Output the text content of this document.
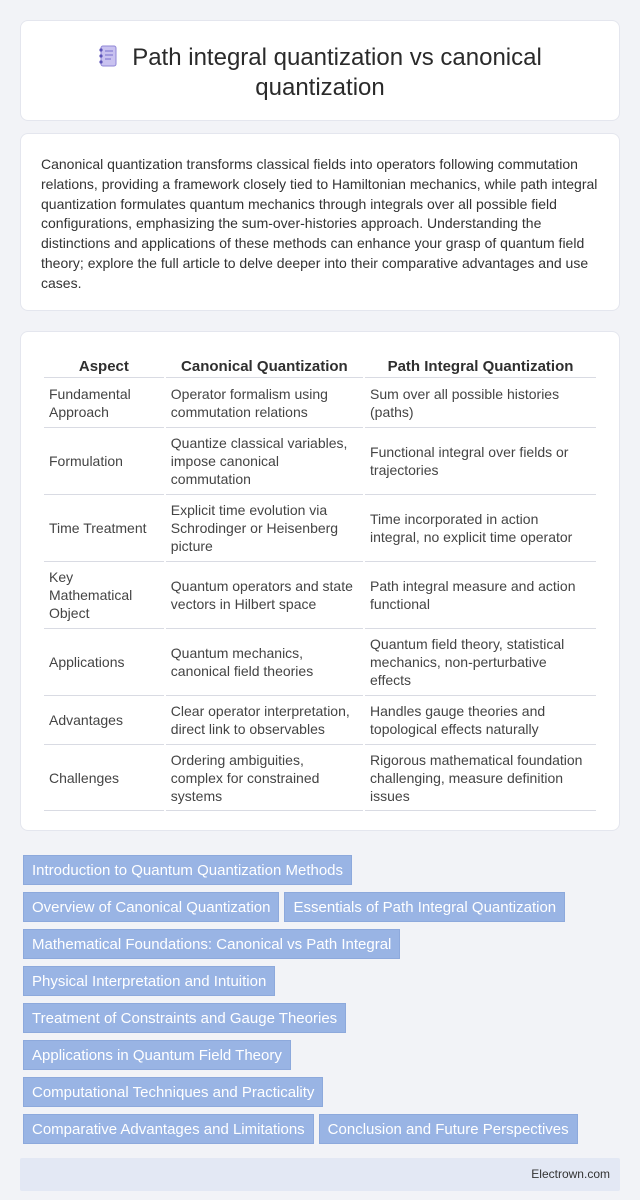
Path integral quantization vs canonical quantization

Canonical quantization transforms classical fields into operators following commutation relations, providing a framework closely tied to Hamiltonian mechanics, while path integral quantization formulates quantum mechanics through integrals over all possible field configurations, emphasizing the sum-over-histories approach. Understanding the distinctions and applications of these methods can enhance your grasp of quantum field theory; explore the full article to delve deeper into their comparative advantages and use cases.

Aspect	Canonical Quantization	Path Integral Quantization
Fundamental Approach	Operator formalism using commutation relations	Sum over all possible histories (paths)
Formulation	Quantize classical variables, impose canonical commutation	Functional integral over fields or trajectories
Time Treatment	Explicit time evolution via Schrodinger or Heisenberg picture	Time incorporated in action integral, no explicit time operator
Key Mathematical Object	Quantum operators and state vectors in Hilbert space	Path integral measure and action functional
Applications	Quantum mechanics, canonical field theories	Quantum field theory, statistical mechanics, non-perturbative effects
Advantages	Clear operator interpretation, direct link to observables	Handles gauge theories and topological effects naturally
Challenges	Ordering ambiguities, complex for constrained systems	Rigorous mathematical foundation challenging, measure definition issues
Introduction to Quantum Quantization Methods
Overview of Canonical Quantization Essentials of Path Integral Quantization
Mathematical Foundations: Canonical vs Path Integral
Physical Interpretation and Intuition
Treatment of Constraints and Gauge Theories
Applications in Quantum Field Theory
Computational Techniques and Practicality
Comparative Advantages and Limitations Conclusion and Future Perspectives
Electrown.com
